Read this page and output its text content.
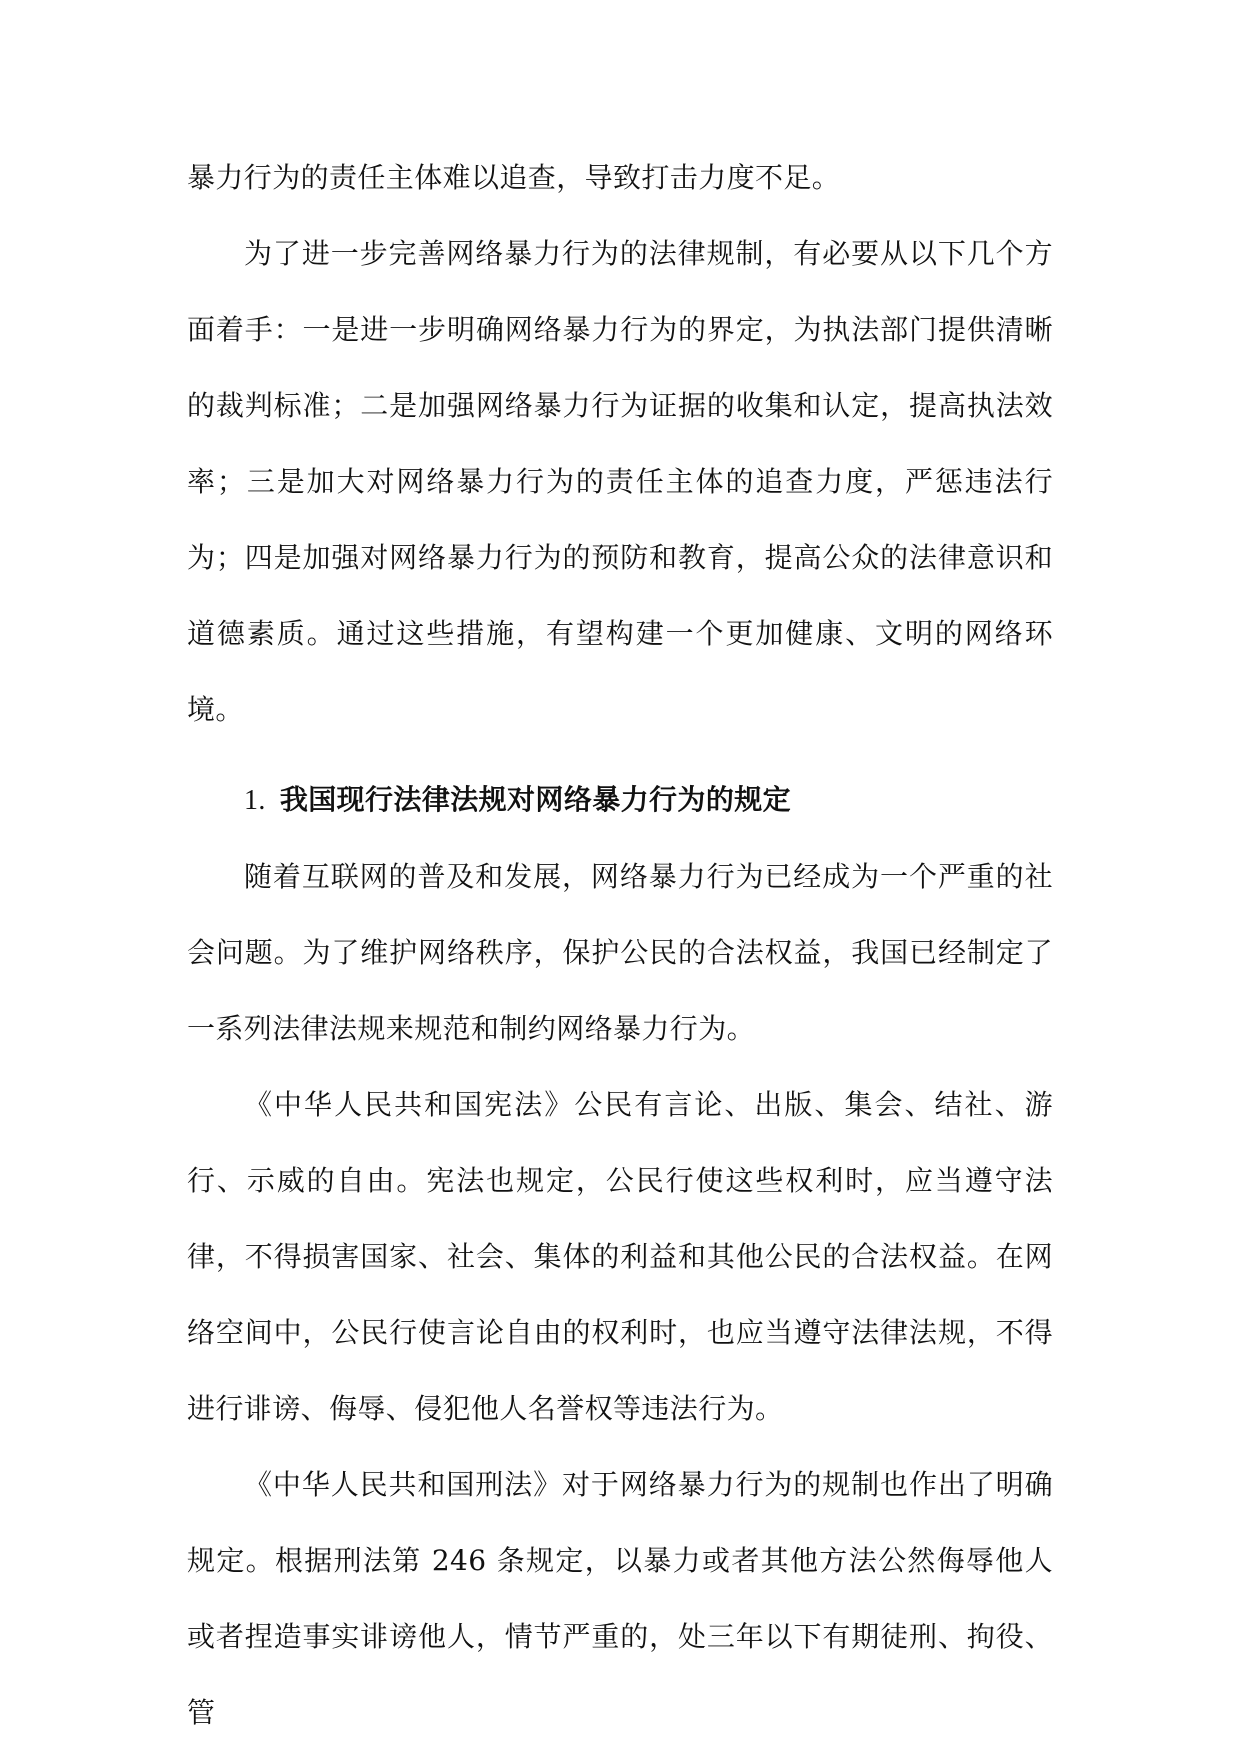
暴力行为的责任主体难以追查，导致打击力度不足。

为了进一步完善网络暴力行为的法律规制，有必要从以下几个方面着手：一是进一步明确网络暴力行为的界定，为执法部门提供清晰的裁判标准；二是加强网络暴力行为证据的收集和认定，提高执法效率；三是加大对网络暴力行为的责任主体的追查力度，严惩违法行为；四是加强对网络暴力行为的预防和教育，提高公众的法律意识和道德素质。通过这些措施，有望构建一个更加健康、文明的网络环境。

1. 我国现行法律法规对网络暴力行为的规定

随着互联网的普及和发展，网络暴力行为已经成为一个严重的社会问题。为了维护网络秩序，保护公民的合法权益，我国已经制定了一系列法律法规来规范和制约网络暴力行为。

《中华人民共和国宪法》公民有言论、出版、集会、结社、游行、示威的自由。宪法也规定，公民行使这些权利时，应当遵守法律，不得损害国家、社会、集体的利益和其他公民的合法权益。在网络空间中，公民行使言论自由的权利时，也应当遵守法律法规，不得进行诽谤、侮辱、侵犯他人名誉权等违法行为。

《中华人民共和国刑法》对于网络暴力行为的规制也作出了明确规定。根据刑法第 246 条规定，以暴力或者其他方法公然侮辱他人或者捏造事实诽谤他人，情节严重的，处三年以下有期徒刑、拘役、管
